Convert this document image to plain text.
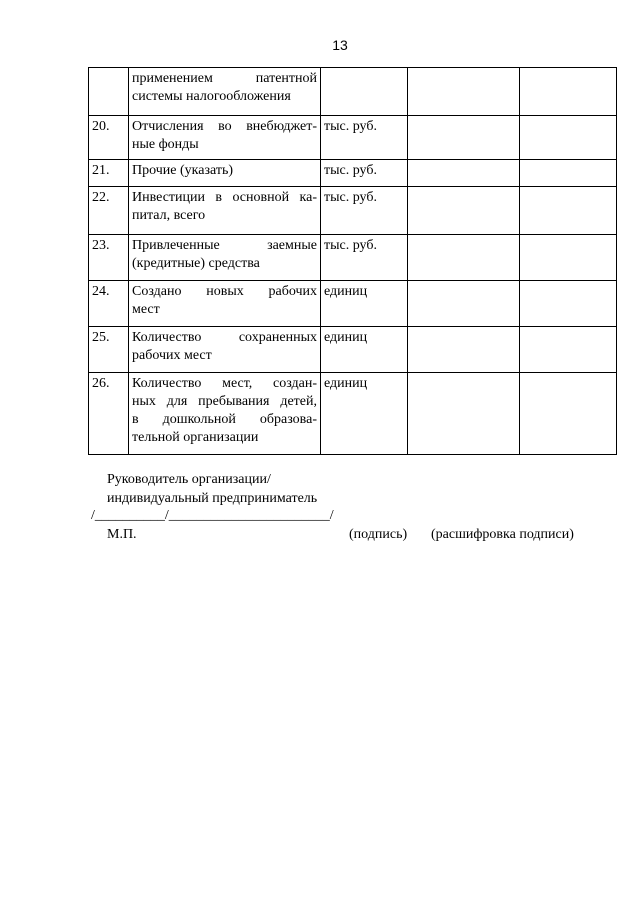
13

	применением патентной
системы налогообложения			

20.	Отчисления во внебюджет-
ные фонды	тыс. руб.		
21.	Прочие (указать)	тыс. руб.		
22.	Инвестиции в основной ка-
питал, всего	тыс. руб.		
23.	Привлеченные заемные
(кредитные) средства	тыс. руб.		
24.	Создано новых рабочих
мест	единиц		
25.	Количество сохраненных
рабочих мест	единиц		
26.	Количество мест, создан-
ных для пребывания детей,
в дошкольной образова-
тельной организации	единиц		
Руководитель организации/
индивидуальный предприниматель
/__________/_______________________/
М.П.	(подпись) (расшифровка подписи)
